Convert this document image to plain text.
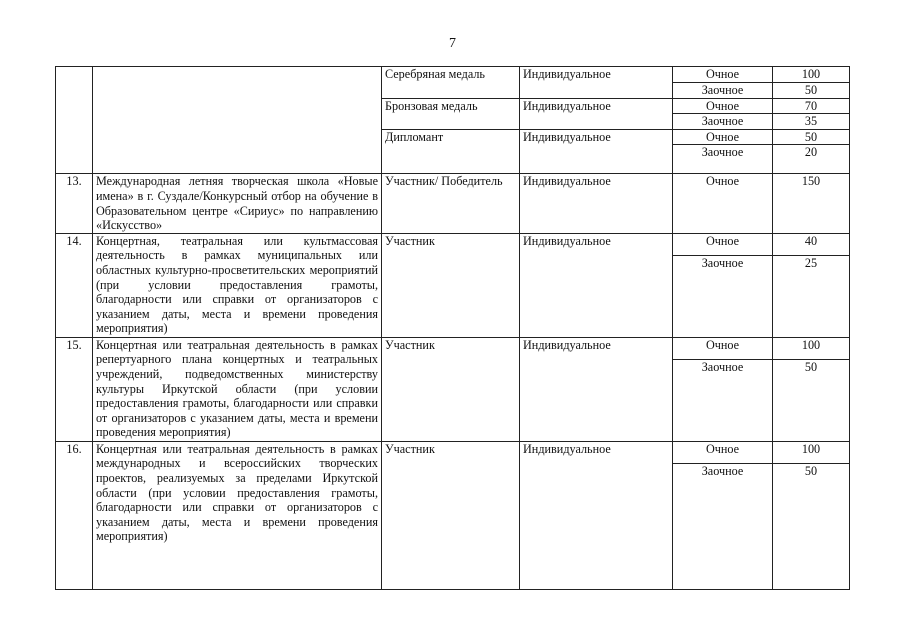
7
		Серебряная медаль	Индивидуальное	Очное	100
				Заочное	50
		Бронзовая медаль	Индивидуальное	Очное	70
				Заочное	35
		Дипломант	Индивидуальное	Очное	50
				Заочное	20
13.	Международная летняя творческая школа «Новые имена» в г. Суздале/Конкурсный отбор на обучение в Образовательном центре «Сириус» по направлению «Искусство»	Участник/ Победитель	Индивидуальное	Очное	150
14.	Концертная, театральная или культмассовая деятельность в рамках муниципальных или областных культурно-просветительских мероприятий (при условии предоставления грамоты, благодарности или справки от организаторов с указанием даты, места и времени проведения мероприятия)	Участник	Индивидуальное	Очное	40
				Заочное	25
15.	Концертная или театральная деятельность в рамках репертуарного плана концертных и театральных учреждений, подведомственных министерству культуры Иркутской области (при условии предоставления грамоты, благодарности или справки от организаторов с указанием даты, места и времени проведения мероприятия)	Участник	Индивидуальное	Очное	100
				Заочное	50
16.	Концертная или театральная деятельность в рамках международных и всероссийских творческих проектов, реализуемых за пределами Иркутской области (при условии предоставления грамоты, благодарности или справки от организаторов с указанием даты, места и времени проведения мероприятия)	Участник	Индивидуальное	Очное	100
				Заочное	50
